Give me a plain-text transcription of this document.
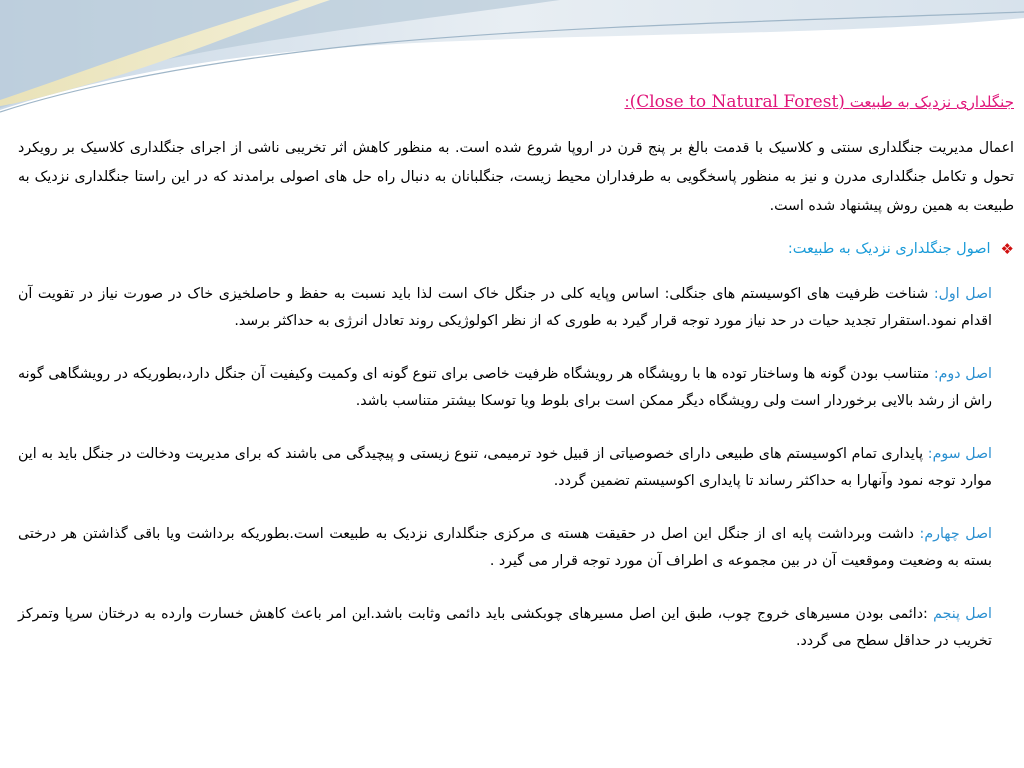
جنگلداری نزدیک به طبیعت (Close to Natural Forest):

اعمال مدیریت جنگلداری سنتی و کلاسیک با قدمت بالغ بر پنج قرن در اروپا شروع شده است. به منظور کاهش اثر تخریبی ناشی از اجرای جنگلداری کلاسیک بر رویکرد تحول و تکامل جنگلداری مدرن و نیز به منظور پاسخگویی به طرفداران محیط زیست، جنگلبانان به دنبال راه حل های اصولی برامدند که در این راستا جنگلداری نزدیک به طبیعت به همین روش پیشنهاد شده است.

❖
اصول جنگلداری نزدیک به طبیعت:

اصل اول: شناخت ظرفیت های اکوسیستم های جنگلی: اساس وپایه کلی در جنگل خاک است لذا باید نسبت به حفظ و حاصلخیزی خاک در صورت نیاز در تقویت آن اقدام نمود.استقرار تجدید حیات در حد نیاز مورد توجه قرار گیرد به طوری که از نظر اکولوژیکی روند تعادل انرژی به حداکثر برسد.

اصل دوم: متناسب بودن گونه ها وساختار توده ها با رویشگاه هر رویشگاه ظرفیت خاصی برای تنوع گونه ای وکمیت وکیفیت آن جنگل دارد،بطوریکه در رویشگاهی گونه راش از رشد بالایی برخوردار است ولی رویشگاه دیگر ممکن است برای بلوط ویا توسکا بیشتر متناسب باشد.

اصل سوم: پایداری تمام اکوسیستم های طبیعی دارای خصوصیاتی از قبیل خود ترمیمی، تنوع زیستی و پیچیدگی می باشند که برای مدیریت ودخالت در جنگل باید به این موارد توجه نمود وآنهارا به حداکثر رساند تا پایداری اکوسیستم تضمین گردد.

اصل چهارم: داشت وبرداشت پایه ای از جنگل این اصل در حقیقت هسته ی مرکزی جنگلداری نزدیک به طبیعت است.بطوریکه برداشت ویا باقی گذاشتن هر درختی بسته به وضعیت وموقعیت آن در بین مجموعه ی اطراف آن مورد توجه قرار می گیرد .

اصل پنجم :دائمی بودن مسیرهای خروج چوب، طبق این اصل مسیرهای چوبکشی باید دائمی وثابت باشد.این امر باعث کاهش خسارت وارده به درختان سرپا وتمرکز تخریب در حداقل سطح می گردد.
